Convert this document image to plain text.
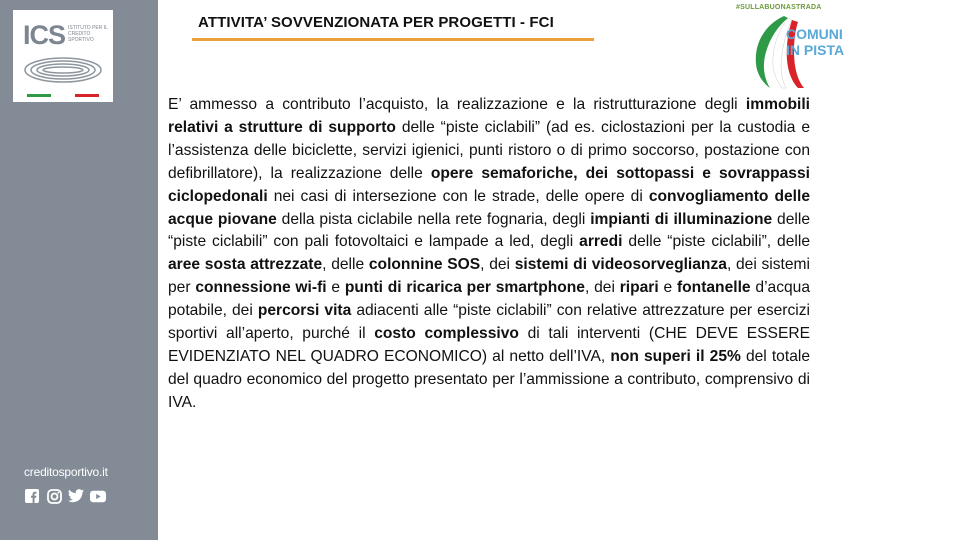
ICS ISTITUTO PER IL CREDITO SPORTIVO
creditosportivo.it
ATTIVITA’ SOVVENZIONATA PER PROGETTI - FCI
#SULLABUONASTRADA
COMUNI
IN PISTA
E’ ammesso a contributo l’acquisto, la realizzazione e la ristrutturazione degli immobili relativi a strutture di supporto delle “piste ciclabili” (ad es. ciclostazioni per la custodia e l’assistenza delle biciclette, servizi igienici, punti ristoro o di primo soccorso, postazione con defibrillatore), la realizzazione delle opere semaforiche, dei sottopassi e sovrappassi ciclopedonali nei casi di intersezione con le strade, delle opere di convogliamento delle acque piovane della pista ciclabile nella rete fognaria, degli impianti di illuminazione delle “piste ciclabili” con pali fotovoltaici e lampade a led, degli arredi delle “piste ciclabili”, delle aree sosta attrezzate, delle colonnine SOS, dei sistemi di videosorveglianza, dei sistemi per connessione wi-fi e punti di ricarica per smartphone, dei ripari e fontanelle d’acqua potabile, dei percorsi vita adiacenti alle “piste ciclabili” con relative attrezzature per esercizi sportivi all’aperto, purché il costo complessivo di tali interventi (CHE DEVE ESSERE EVIDENZIATO NEL QUADRO ECONOMICO) al netto dell’IVA, non superi il 25% del totale del quadro economico del progetto presentato per l’ammissione a contributo, comprensivo di IVA.
